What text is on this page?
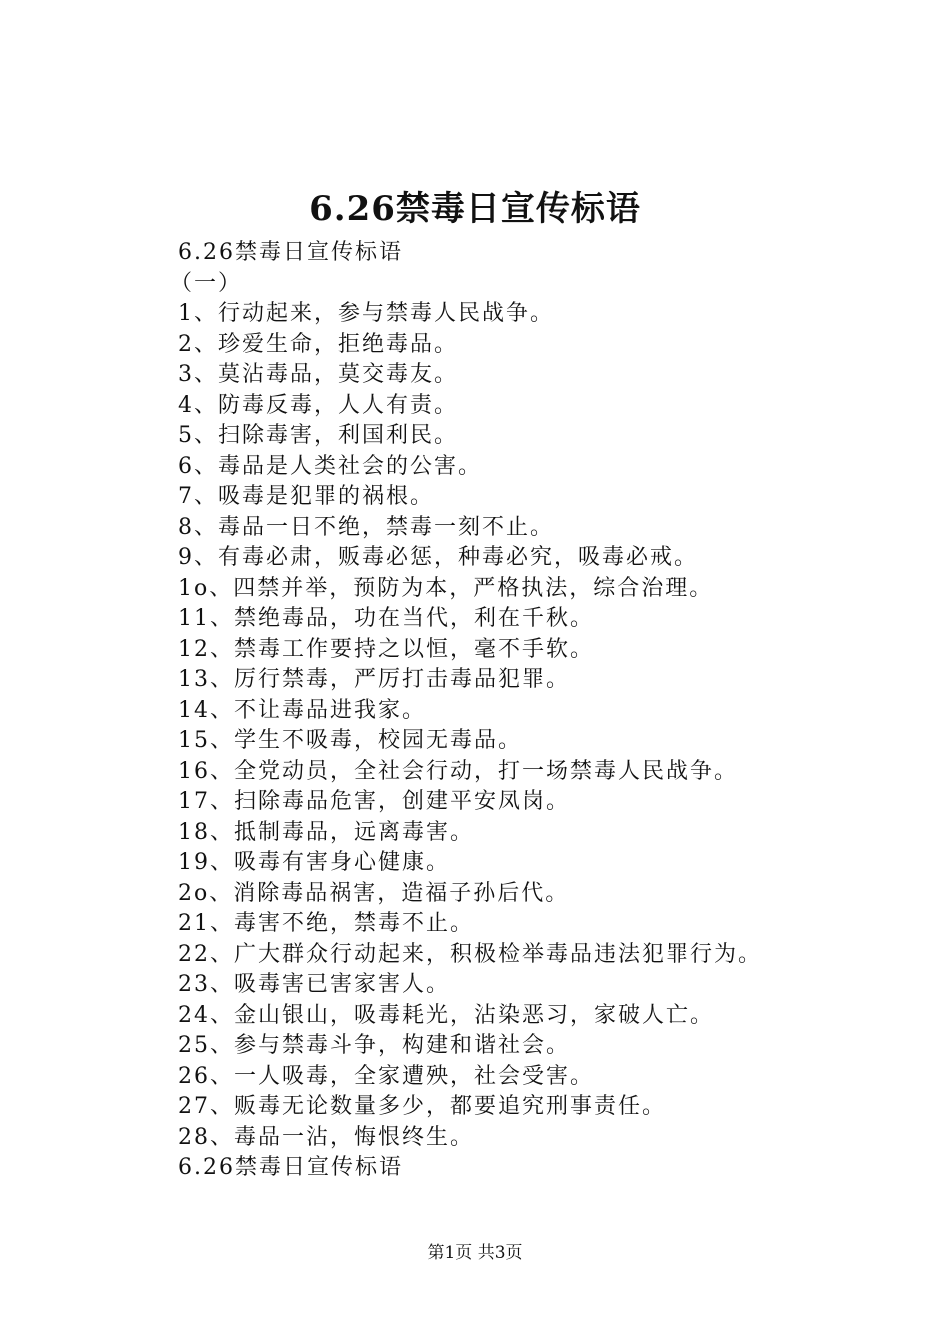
6.26禁毒日宣传标语
6.26禁毒日宣传标语
（一）
1、行动起来，参与禁毒人民战争。
2、珍爱生命，拒绝毒品。
3、莫沾毒品，莫交毒友。
4、防毒反毒，人人有责。
5、扫除毒害，利国利民。
6、毒品是人类社会的公害。
7、吸毒是犯罪的祸根。
8、毒品一日不绝，禁毒一刻不止。
9、有毒必肃，贩毒必惩，种毒必究，吸毒必戒。
1o、四禁并举，预防为本，严格执法，综合治理。
11、禁绝毒品，功在当代，利在千秋。
12、禁毒工作要持之以恒，毫不手软。
13、厉行禁毒，严厉打击毒品犯罪。
14、不让毒品进我家。
15、学生不吸毒，校园无毒品。
16、全党动员，全社会行动，打一场禁毒人民战争。
17、扫除毒品危害，创建平安凤岗。
18、抵制毒品，远离毒害。
19、吸毒有害身心健康。
2o、消除毒品祸害，造福子孙后代。
21、毒害不绝，禁毒不止。
22、广大群众行动起来，积极检举毒品违法犯罪行为。
23、吸毒害已害家害人。
24、金山银山，吸毒耗光，沾染恶习，家破人亡。
25、参与禁毒斗争，构建和谐社会。
26、一人吸毒，全家遭殃，社会受害。
27、贩毒无论数量多少，都要追究刑事责任。
28、毒品一沾，悔恨终生。
6.26禁毒日宣传标语
第1页 共3页
